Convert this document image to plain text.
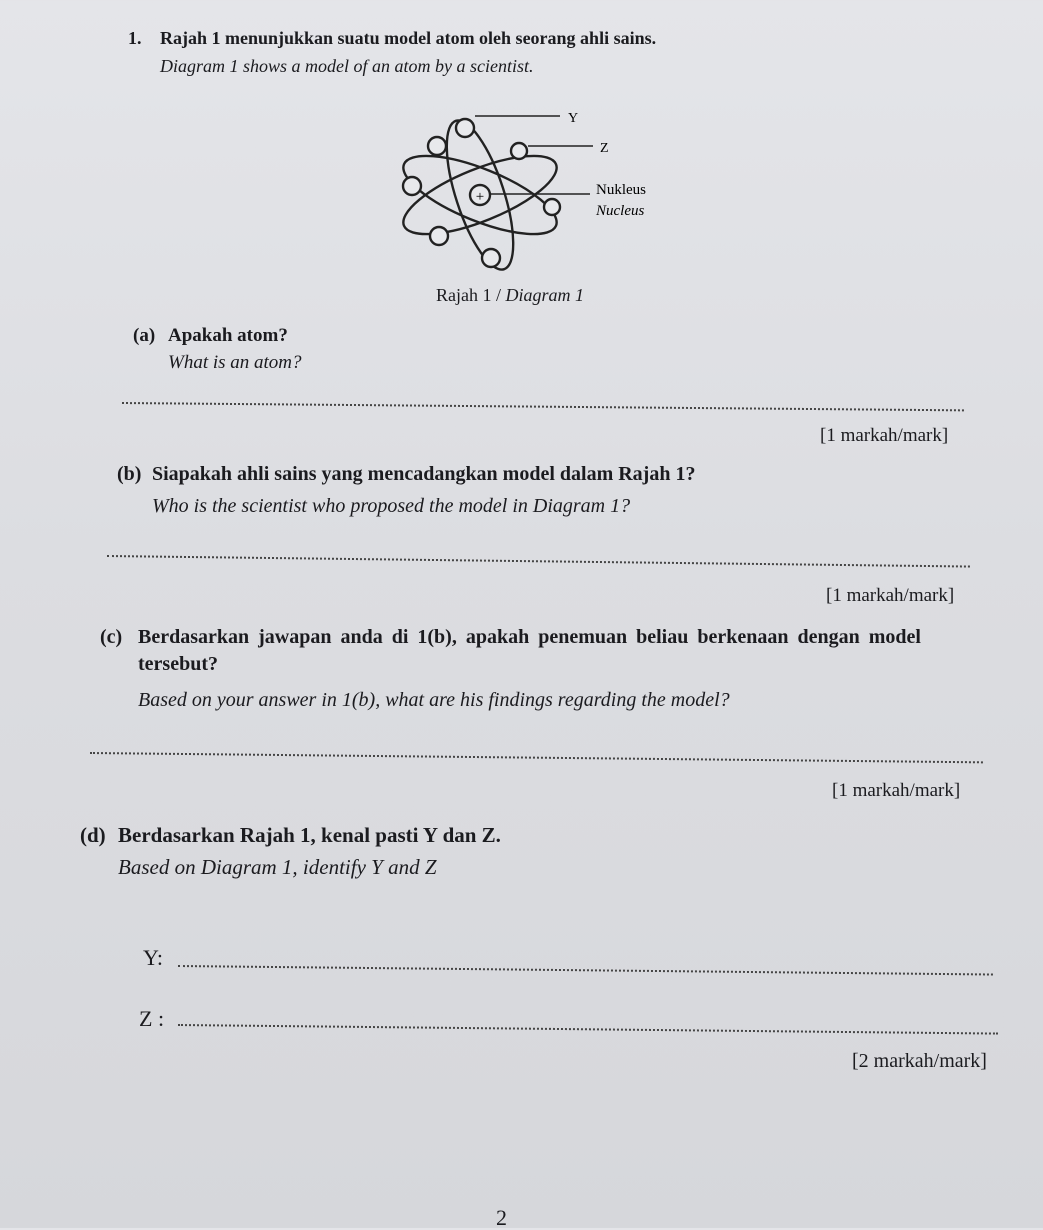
1. Rajah 1 menunjukkan suatu model atom oleh seorang ahli sains.
Diagram 1 shows a model of an atom by a scientist.
+
Y
Z
Nukleus
Nucleus
Rajah 1 / Diagram 1
(a) Apakah atom?
What is an atom?
[1 markah/mark]
(b) Siapakah ahli sains yang mencadangkan model dalam Rajah 1?
Who is the scientist who proposed the model in Diagram 1?
[1 markah/mark]
(c) Berdasarkan jawapan anda di 1(b), apakah penemuan beliau berkenaan dengan model
tersebut?
Based on your answer in 1(b), what are his findings regarding the model?
[1 markah/mark]
(d) Berdasarkan Rajah 1, kenal pasti Y dan Z.
Based on Diagram 1, identify Y and Z
Y:
Z :
[2 markah/mark]
2
